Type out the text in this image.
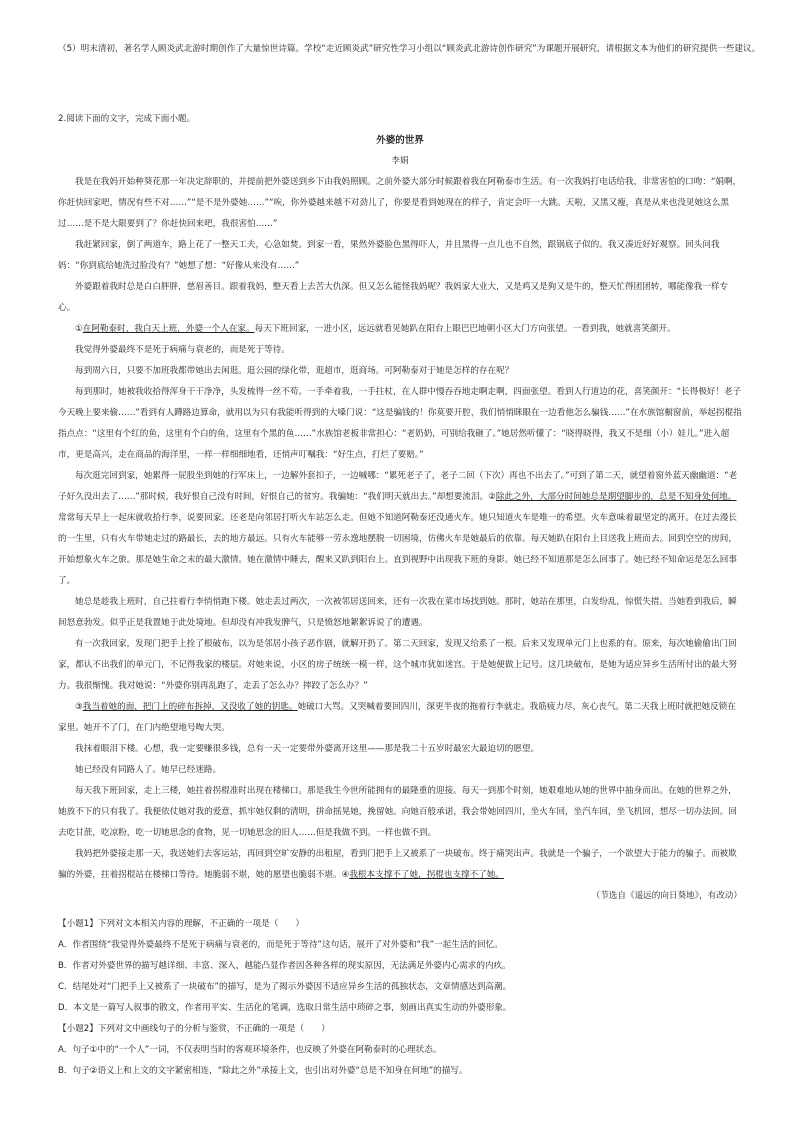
（5）明末清初，著名学人顾炎武北游时期创作了大量惊世诗篇。学校“走近顾炎武”研究性学习小组以“顾炎武北游诗创作研究”为课题开展研究，请根据文本为他们的研究提供一些建议。

2.阅读下面的文字，完成下面小题。

外婆的世界

李娟

我是在我妈开始种葵花那一年决定辞职的，并提前把外婆送到乡下由我妈照顾。之前外婆大部分时候跟着我在阿勒泰市生活。有一次我妈打电话给我，非常害怕的口吻：“娟啊，你赶快回家吧，情况有些不对……”“是不是外婆她……”“唉，你外婆越来越不对劲儿了，你要是看到她现在的样子，肯定会吓一大跳。天啦，又黑又瘦，真是从来也没见她这么黑过……是不是大限要到了？你赶快回来吧，我很害怕……”

我赶紧回家，倒了两道车，路上花了一整天工夫，心急如焚。到家一看，果然外婆脸色黑得吓人，并且黑得一点儿也不自然，跟锅底子似的。我又凑近好好观察。回头问我妈：“你到底给她洗过脸没有？”她想了想：“好像从来没有……”

外婆跟着我时总是白白胖胖，慈眉善目。跟着我妈，整天看上去苦大仇深。但又怎么能怪我妈呢？我妈家大业大，又是鸡又是狗又是牛的，整天忙得团团转，哪能像我一样专心。

①在阿勒泰时，我白天上班，外婆一个人在家。每天下班回家，一进小区，远远就看见她趴在阳台上眼巴巴地朝小区大门方向张望。一看到我，她就喜笑颜开。

我觉得外婆最终不是死于病痛与衰老的，而是死于等待。

每到周六日，只要不加班我都带她出去闲逛。逛公园的绿化带，逛超市，逛商场。可阿勒泰对于她是怎样的存在呢？

每到那时，她被我收拾得浑身干干净净，头发梳得一丝不苟。一手牵着我，一手拄杖，在人群中慢吞吞地走啊走啊，四面张望。看到人行道边的花，喜笑颜开：“长得极好！老子今天晚上要来偷……”看到有人蹲路边算命，就用以为只有我能听得到的大嗓门说：“这是骗钱的！你莫要开腔，我们悄悄眯眼在一边看他怎么骗钱……”在水族馆橱窗前，举起拐棍指指点点：“这里有个红的鱼，这里有个白的鱼，这里有个黑的鱼……”水族馆老板非常担心：“老奶奶，可别给我砸了。”她居然听懂了：“晓得晓得，我又不是细（小）娃儿。”进入超市，更是高兴，走在商品的海洋里，一样一样细细地看，还悄声叮嘱我：“好生点，打烂了要赔。”

每次逛完回到家，她累得一屁股坐到她的行军床上，一边解外套扣子，一边喊哪：“累死老子了，老子二回（下次）再也不出去了。”可到了第二天，就望着窗外蓝天幽幽道：“老子好久没出去了……”那时候，我好恨自己没有时间，好恨自己的贫穷。我骗她：“我们明天就出去。”却想要流泪。②除此之外，大部分时间她总是期望脚步的，总是不知身处何地。常常每天早上一起床就收拾行李，说要回家。还老是向邻居打听火车站怎么走。但她不知道阿勒泰还没通火车。她只知道火车是唯一的希望。火车意味着最坚定的离开。在过去漫长的一生里，只有火车带她走过的路最长，去的地方最远。只有火车能够一劳永逸地摆脱一切困境，仿佛火车是她最后的依靠。每天她趴在阳台上目送我上班而去。回到空空的房间，开始想象火车之旅。那是她生命之末的最大激情。她在激情中睡去，醒来又趴到阳台上。直到视野中出现我下班的身影。她已经不知道那是怎么回事了。她已经不知命运是怎么回事了。

她总是趁我上班时，自己拄着行李悄悄跑下楼。她走丢过两次，一次被邻居送回来，还有一次我在菜市场找到她。那时，她站在那里，白发纷乱，惊慌失措。当她看到我后，瞬间怒意勃发。似乎正是我置她于此处境地。但却没有冲我发脾气，只是愤怒地絮絮诉说了的遭遇。

有一次我回家，发现门把手上拴了根破布，以为是邻居小孩子恶作剧，就解开扔了。第二天回家，发现又给系了一根。后来又发现单元门上也系的有。原来，每次她偷偷出门回家，都认不出我们的单元门，不记得我家的楼层。对她来说，小区的房子统统一模一样，这个城市犹如迷宫。于是她便做上记号。这几块破布，是她为适应异乡生活所付出的最大努力。我很惭愧。我对她说：“外婆你别再乱跑了，走丢了怎么办？摔跤了怎么办？”

③我当着她的面，把门上的碎布拆掉，又没收了她的钥匙。她破口大骂。又哭喊着要回四川，深更半夜的拖着行李就走。我筋疲力尽，灰心丧气。第二天我上班时就把她反锁在家里。她开不了门，在门内绝望地号啕大哭。

我抹着眼泪下楼。心想，我一定要赚很多钱，总有一天一定要带外婆离开这里——那是我二十五岁时最宏大最迫切的愿望。

她已经没有同路人了。她早已经迷路。

每天我下班回家，走上三楼，她拄着拐棍准时出现在楼梯口。那是我生今世所能拥有的最隆重的迎接。每天一到那个时刻，她艰难地从她的世界中抽身而出。在她的世界之外，她放不下的只有我了。我便依仗她对我的爱意，抓牢她仅剩的清明，拼命摇晃她，挽留她。向她百般承诺，我会带她回四川，坐火车回，坐汽车回，坐飞机回，想尽一切办法回。回去吃甘蔗，吃凉粉，吃一切她思念的食物，见一切她思念的旧人……但是我做不到。一样也做不到。

我妈把外婆接走那一天，我送她们去客运站，再回到空旷安静的出租屋，看到门把手上又被系了一块破布。终于痛哭出声。我就是一个骗子，一个欲望大于能力的骗子。而被欺骗的外婆，拄着拐棍站在楼梯口等待。她脆弱不堪，她的愿望也脆弱不堪。④我根本支撑不了她，拐棍也支撑不了她。

（节选自《遥远的向日葵地》，有改动）

【小题1】下列对文本相关内容的理解，不正确的一项是（　　）

A．作者围绕“我觉得外婆最终不是死于病痛与衰老的，而是死于等待”这句话，展开了对外婆和“我”一起生活的回忆。

B．作者对外婆世界的描写越详细、丰富、深入，越能凸显作者因各种各样的现实原因，无法满足外婆内心需求的内疚。

C．结尾处对“门把手上又被系了一块破布”的描写，是为了揭示外婆因不适应异乡生活的孤独状态，文章情感达到高潮。

D．本文是一篇写人叙事的散文，作者用平实、生活化的笔调，选取日常生活中琐碎之事，刻画出真实生动的外婆形象。

【小题2】下列对文中画线句子的分析与鉴赏，不正确的一项是（　　）

A．句子①中的“一个人”一词，不仅表明当时的客观环境条件，也反映了外婆在阿勒泰时的心理状态。

B．句子②语义上和上文的文字紧密相连，“除此之外”承接上文，也引出对外婆“总是不知身在何地”的描写。
